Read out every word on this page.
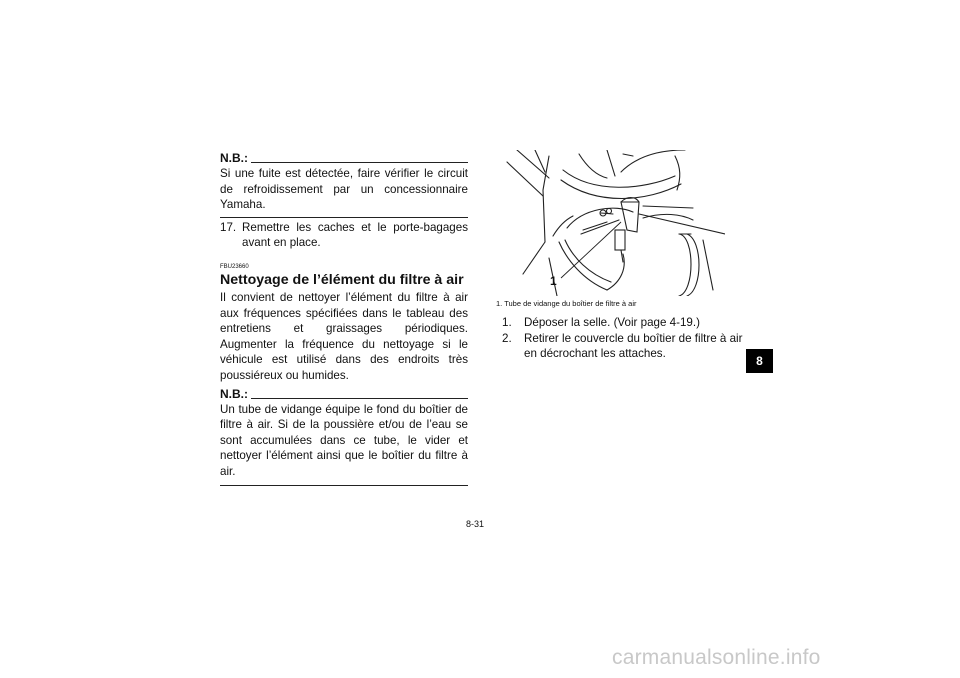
N.B.:
Si une fuite est détectée, faire vérifier le circuit de refroidissement par un concessionnaire Yamaha.
17. Remettre les caches et le porte-bagages avant en place.
FBU23660
Nettoyage de l’élément du filtre à air
Il convient de nettoyer l’élément du filtre à air aux fréquences spécifiées dans le tableau des entretiens et graissages périodiques. Augmenter la fréquence du nettoyage si le véhicule est utilisé dans des endroits très poussiéreux ou humides.
N.B.:
Un tube de vidange équipe le fond du boîtier de filtre à air. Si de la poussière et/ou de l’eau se sont accumulées dans ce tube, le vider et nettoyer l’élément ainsi que le boîtier du filtre à air.
1
1. Tube de vidange du boîtier de filtre à air
1.	Déposer la selle. (Voir page 4-19.)
2.	Retirer le couvercle du boîtier de filtre à air en décrochant les attaches.
8
8-31
carmanualsonline.info
